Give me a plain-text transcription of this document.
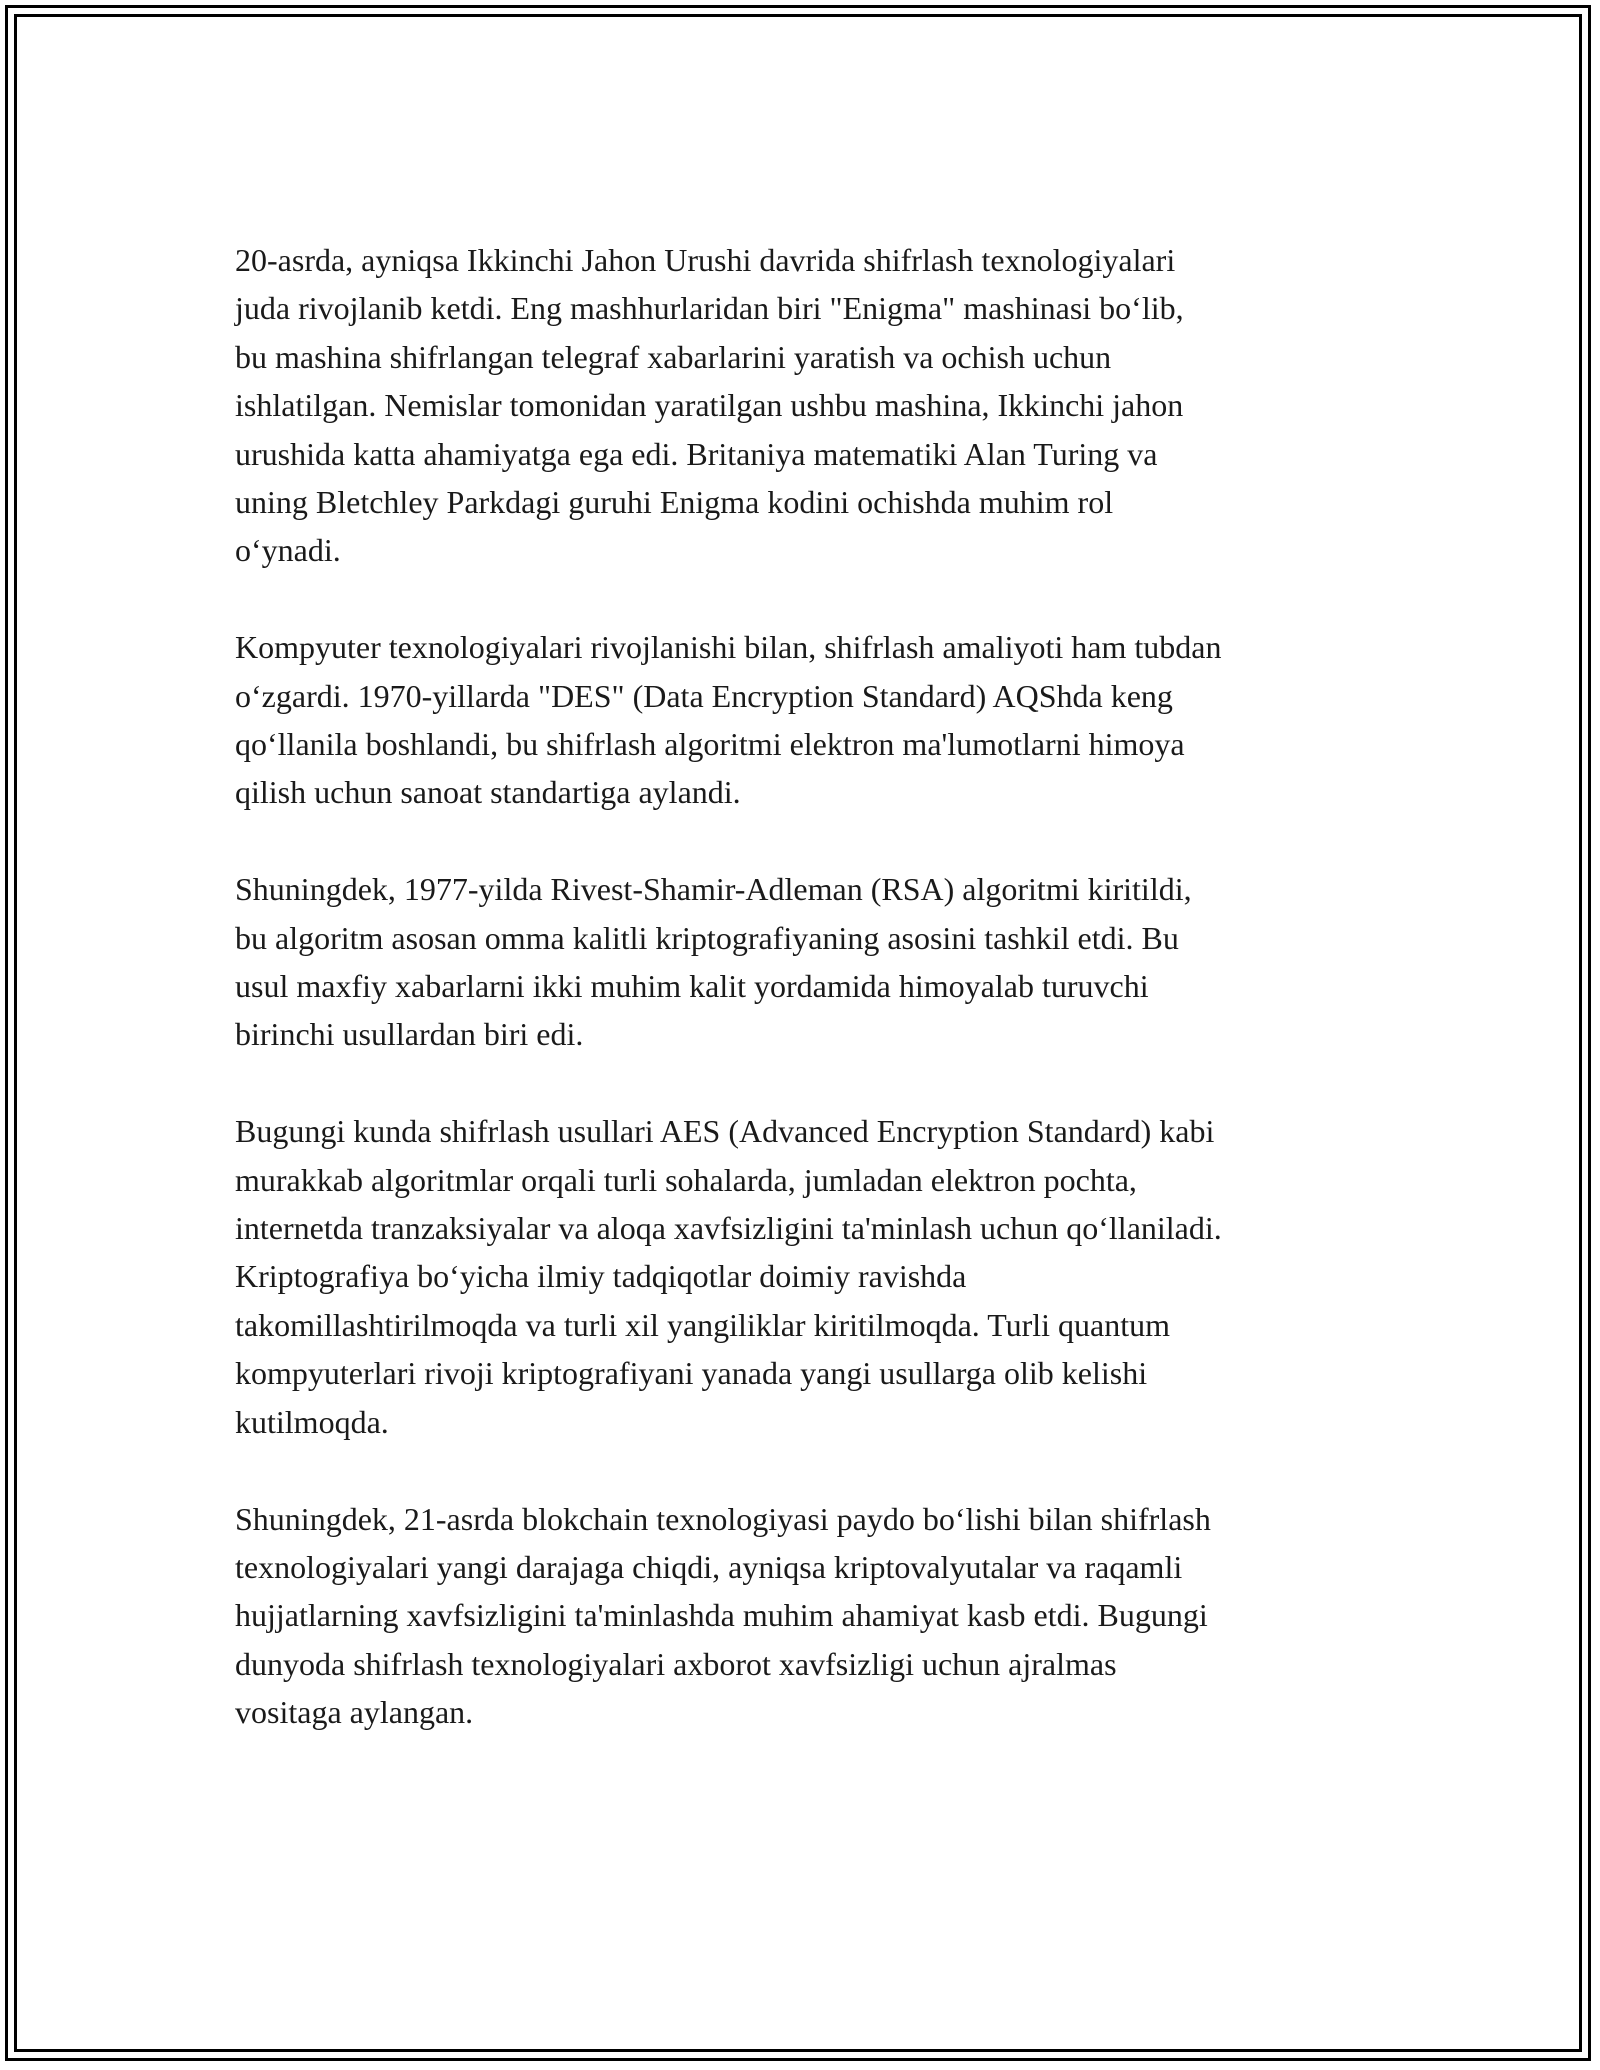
20-asrda, ayniqsa Ikkinchi Jahon Urushi davrida shifrlash texnologiyalari
juda rivojlanib ketdi. Eng mashhurlaridan biri "Enigma" mashinasi bo‘lib,
bu mashina shifrlangan telegraf xabarlarini yaratish va ochish uchun
ishlatilgan. Nemislar tomonidan yaratilgan ushbu mashina, Ikkinchi jahon
urushida katta ahamiyatga ega edi. Britaniya matematiki Alan Turing va
uning Bletchley Parkdagi guruhi Enigma kodini ochishda muhim rol
o‘ynadi.

Kompyuter texnologiyalari rivojlanishi bilan, shifrlash amaliyoti ham tubdan
o‘zgardi. 1970-yillarda "DES" (Data Encryption Standard) AQShda keng
qo‘llanila boshlandi, bu shifrlash algoritmi elektron ma'lumotlarni himoya
qilish uchun sanoat standartiga aylandi.

Shuningdek, 1977-yilda Rivest-Shamir-Adleman (RSA) algoritmi kiritildi,
bu algoritm asosan omma kalitli kriptografiyaning asosini tashkil etdi. Bu
usul maxfiy xabarlarni ikki muhim kalit yordamida himoyalab turuvchi
birinchi usullardan biri edi.

Bugungi kunda shifrlash usullari AES (Advanced Encryption Standard) kabi
murakkab algoritmlar orqali turli sohalarda, jumladan elektron pochta,
internetda tranzaksiyalar va aloqa xavfsizligini ta'minlash uchun qo‘llaniladi.
Kriptografiya bo‘yicha ilmiy tadqiqotlar doimiy ravishda
takomillashtirilmoqda va turli xil yangiliklar kiritilmoqda. Turli quantum
kompyuterlari rivoji kriptografiyani yanada yangi usullarga olib kelishi
kutilmoqda.

Shuningdek, 21-asrda blokchain texnologiyasi paydo bo‘lishi bilan shifrlash
texnologiyalari yangi darajaga chiqdi, ayniqsa kriptovalyutalar va raqamli
hujjatlarning xavfsizligini ta'minlashda muhim ahamiyat kasb etdi. Bugungi
dunyoda shifrlash texnologiyalari axborot xavfsizligi uchun ajralmas
vositaga aylangan.
